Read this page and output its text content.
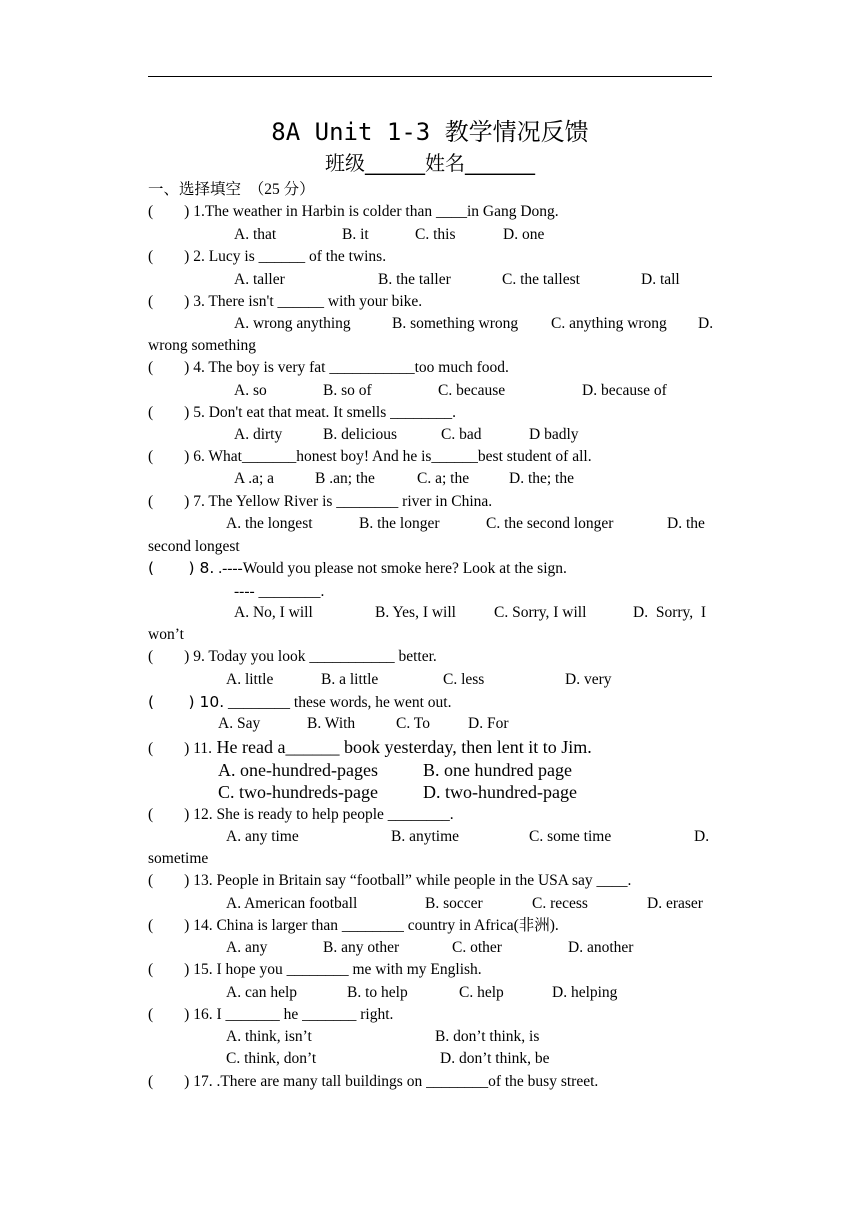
8A Unit 1-3 教学情况反馈
班级______姓名_______
一、选择填空  （25 分）
(        ) 1.The weather in Harbin is colder than ____in Gang Dong.
A. that	B. it	C. this	D. one
(        ) 2. Lucy is ______ of the twins.
A. taller	B. the taller	C. the tallest	D. tall
(        ) 3. There isn't ______ with your bike.
A. wrong anything	B. something wrong C. anything wrong D.
wrong something
(        ) 4. The boy is very fat ___________too much food.
A. so	B. so of	C. because	D. because of
(        ) 5. Don't eat that meat. It smells ________.
A. dirty	B. delicious	C. bad	D badly
(        ) 6. What_______honest boy! And he is______best student of all.
A .a; a	B .an; the	C. a; the	D. the; the
(        ) 7. The Yellow River is ________ river in China.
A. the longest	B. the longer	C. the second longer	D. the
second longest
(       ) 8. .----Would you please not smoke here? Look at the sign.
---- ________.
A. No, I will	B. Yes, I will C. Sorry, I will	D.  Sorry,  I
won’t
(        ) 9. Today you look ___________ better.
A. little	B. a little	C. less	D. very
(       ) 10. ________ these words, he went out.
A. Say	B. With	C. To D. For
(        ) 11. He read a______ book yesterday, then lent it to Jim.
A. one-hundred-pages	B. one hundred page
C. two-hundreds-page	D. two-hundred-page
(        ) 12. She is ready to help people ________.
A. any time	B. anytime	C. some time	D.
sometime
(        ) 13. People in Britain say “football” while people in the USA say ____.
A. American football	B. soccer	C. recess	D. eraser
(        ) 14. China is larger than ________ country in Africa(非洲).
A. any	B. any other	C. other	D. another
(        ) 15. I hope you ________ me with my English.
A. can help	B. to help	C. help	D. helping
(        ) 16. I _______ he _______ right.
A. think, isn’t	B. don’t think, is
C. think, don’t	D. don’t think, be
(        ) 17. .There are many tall buildings on ________of the busy street.
